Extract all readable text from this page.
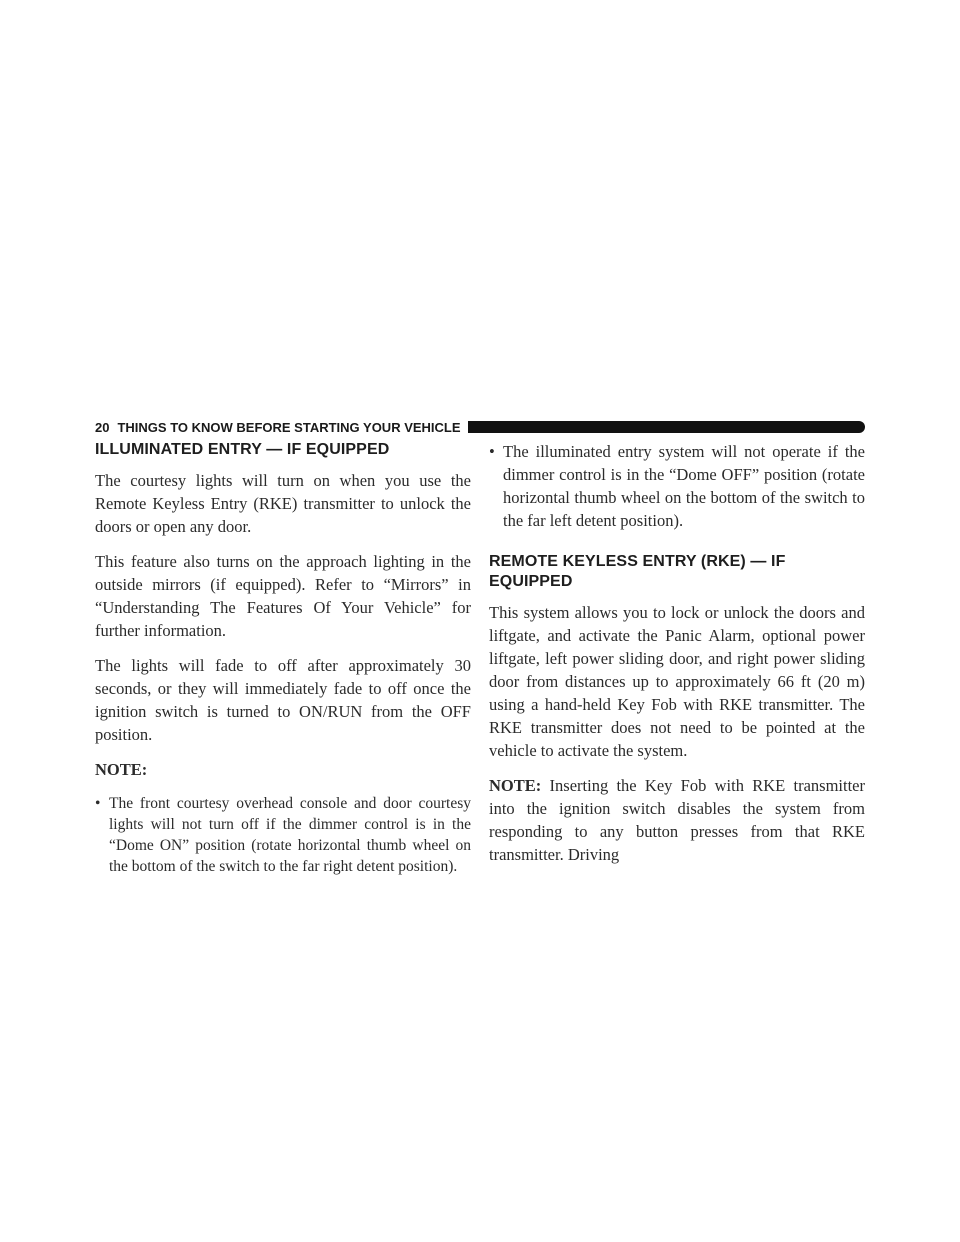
20 THINGS TO KNOW BEFORE STARTING YOUR VEHICLE
ILLUMINATED ENTRY — IF EQUIPPED

The courtesy lights will turn on when you use the Remote Keyless Entry (RKE) transmitter to unlock the doors or open any door.

This feature also turns on the approach lighting in the outside mirrors (if equipped). Refer to “Mirrors” in “Understanding The Features Of Your Vehicle” for further information.

The lights will fade to off after approximately 30 seconds, or they will immediately fade to off once the ignition switch is turned to ON/RUN from the OFF position.

NOTE:

• The front courtesy overhead console and door courtesy lights will not turn off if the dimmer control is in the “Dome ON” position (rotate horizontal thumb wheel on the bottom of the switch to the far right detent position).
• The illuminated entry system will not operate if the dimmer control is in the “Dome OFF” position (rotate horizontal thumb wheel on the bottom of the switch to the far left detent position).
REMOTE KEYLESS ENTRY (RKE) — IF EQUIPPED

This system allows you to lock or unlock the doors and liftgate, and activate the Panic Alarm, optional power liftgate, left power sliding door, and right power sliding door from distances up to approximately 66 ft (20 m) using a hand-held Key Fob with RKE transmitter. The RKE transmitter does not need to be pointed at the vehicle to activate the system.

NOTE: Inserting the Key Fob with RKE transmitter into the ignition switch disables the system from responding to any button presses from that RKE transmitter. Driving
